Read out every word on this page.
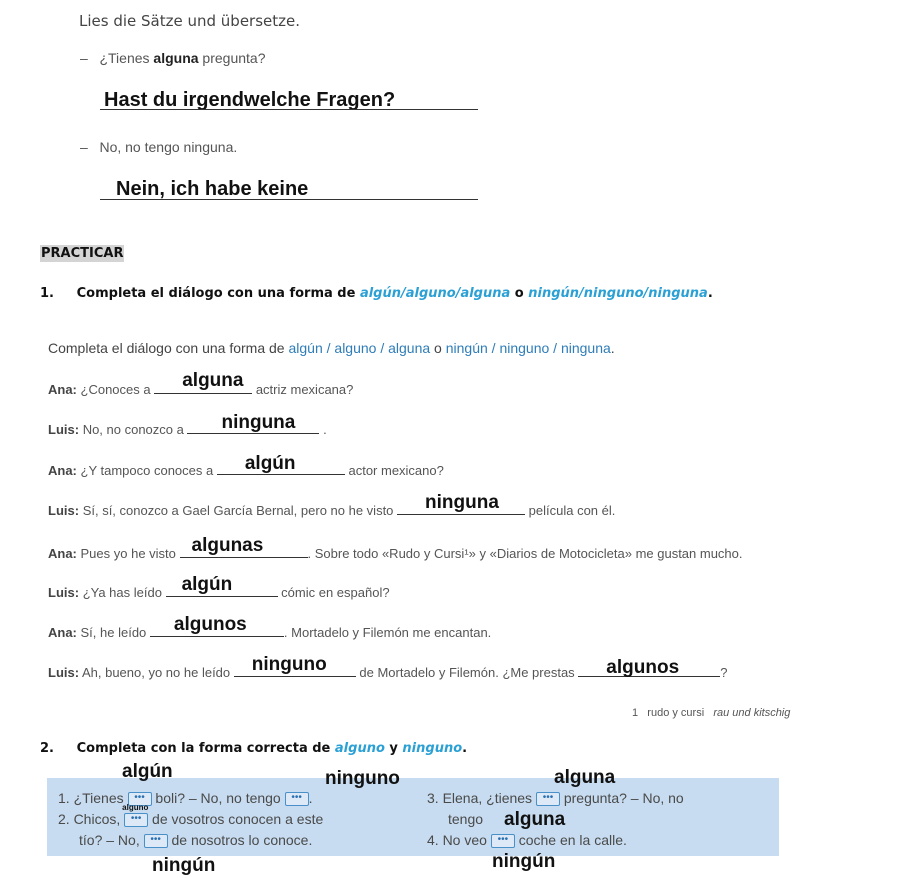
Lies die Sätze und übersetze.
– ¿Tienes alguna pregunta?
Hast du irgendwelche Fragen?
– No, no tengo ninguna.
Nein, ich habe keine
PRACTICAR
1. Completa el diálogo con una forma de algún/alguno/alguna o ningún/ninguno/ninguna.
Completa el diálogo con una forma de algún / alguno / alguna o ningún / ninguno / ninguna.
Ana: ¿Conoces a alguna actriz mexicana?
Luis: No, no conozco a ninguna .
Ana: ¿Y tampoco conoces a algún	actor mexicano?
Luis: Sí, sí, conozco a Gael García Bernal, pero no he visto ninguna película con él.
Ana: Pues yo he visto algunas	. Sobre todo «Rudo y Cursi¹» y «Diarios de Motocicleta» me gustan mucho.
Luis: ¿Ya has leído algún	cómic en español?
Ana: Sí, he leído algunos	. Mortadelo y Filemón me encantan.
Luis: Ah, bueno, yo no he leído ninguno de Mortadelo y Filemón. ¿Me prestas algunos	?
1 rudo y cursi rau und kitschig
2. Completa con la forma correcta de alguno y ninguno.
1. ¿Tienes ••• boli? – No, no tengo ••• .
2. Chicos, •••
alguno
de vosotros conocen a este
tío? – No, ••• de nosotros lo conoce.
3. Elena, ¿tienes ••• pregunta? – No, no
tengo
4. No veo ••• coche en la calle.
algún	ninguno	alguna
alguna
ningún	ningún
